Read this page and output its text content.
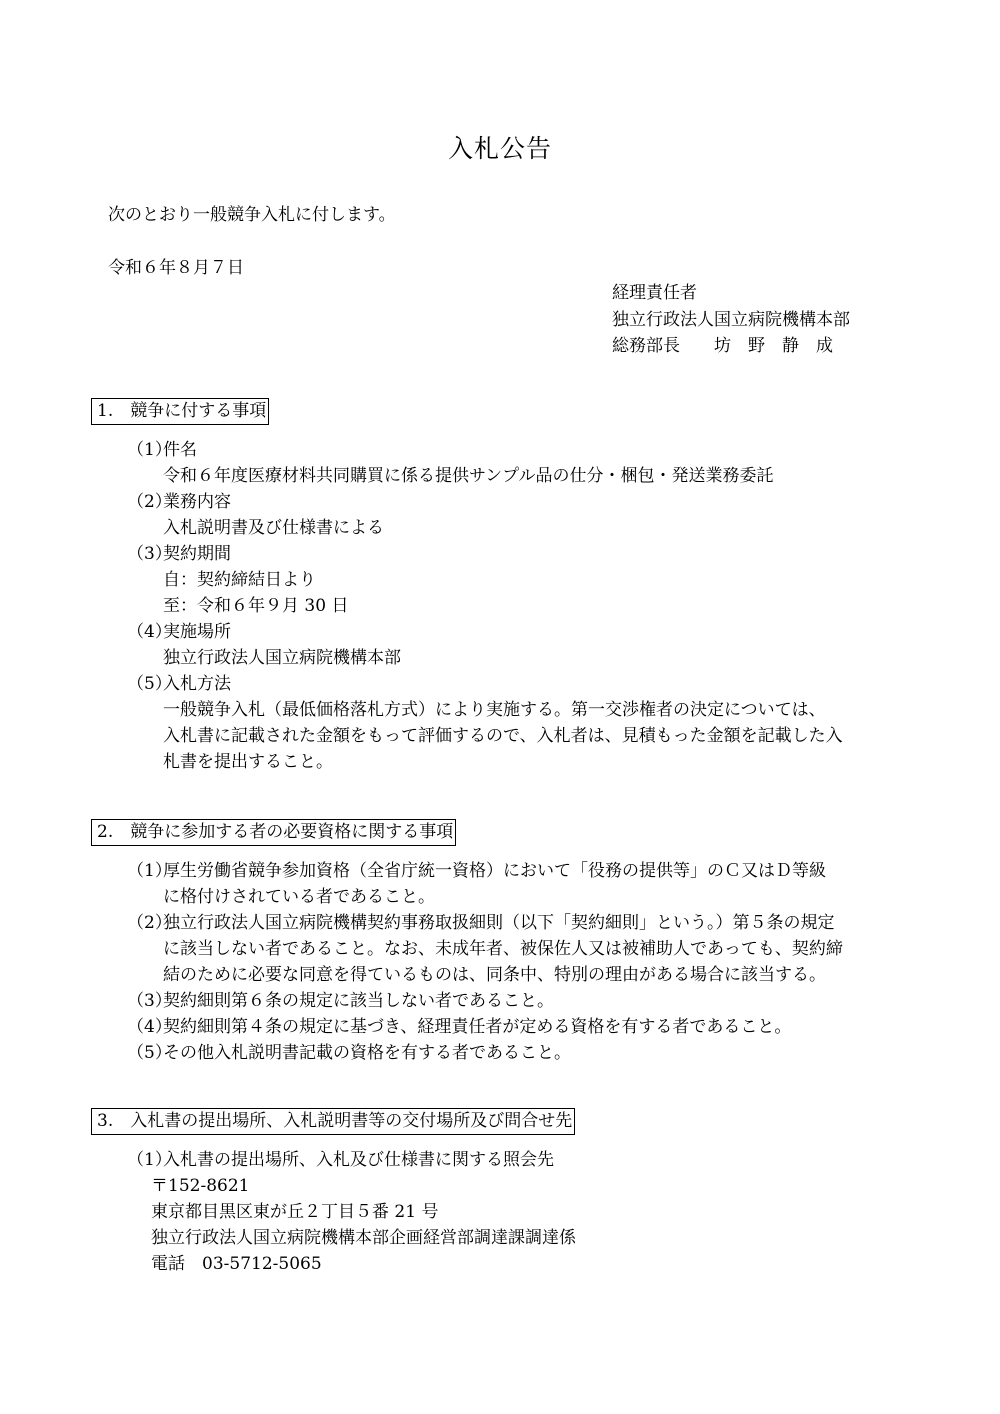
入札公告
次のとおり一般競争入札に付します。
令和６年８月７日
経理責任者
独立行政法人国立病院機構本部
総務部長　　坊　野　静　成
1.　競争に付する事項
（1）
件名
令和６年度医療材料共同購買に係る提供サンプル品の仕分・梱包・発送業務委託
（2）
業務内容
入札説明書及び仕様書による
（3）
契約期間
自：契約締結日より
至：令和６年９月 30 日
（4）
実施場所
独立行政法人国立病院機構本部
（5）
入札方法
一般競争入札（最低価格落札方式）により実施する。第一交渉権者の決定については、
入札書に記載された金額をもって評価するので、入札者は、見積もった金額を記載した入
札書を提出すること。
2.　競争に参加する者の必要資格に関する事項
（1）
厚生労働省競争参加資格（全省庁統一資格）において「役務の提供等」のＣ又はＤ等級
に格付けされている者であること。
（2）
独立行政法人国立病院機構契約事務取扱細則（以下「契約細則」という。）第５条の規定
に該当しない者であること。なお、未成年者、被保佐人又は被補助人であっても、契約締
結のために必要な同意を得ているものは、同条中、特別の理由がある場合に該当する。
（3）
契約細則第６条の規定に該当しない者であること。
（4）
契約細則第４条の規定に基づき、経理責任者が定める資格を有する者であること。
（5）
その他入札説明書記載の資格を有する者であること。
3.　入札書の提出場所、入札説明書等の交付場所及び問合せ先
（1）
入札書の提出場所、入札及び仕様書に関する照会先
〒152-8621
東京都目黒区東が丘２丁目５番 21 号
独立行政法人国立病院機構本部企画経営部調達課調達係
電話　03-5712-5065
